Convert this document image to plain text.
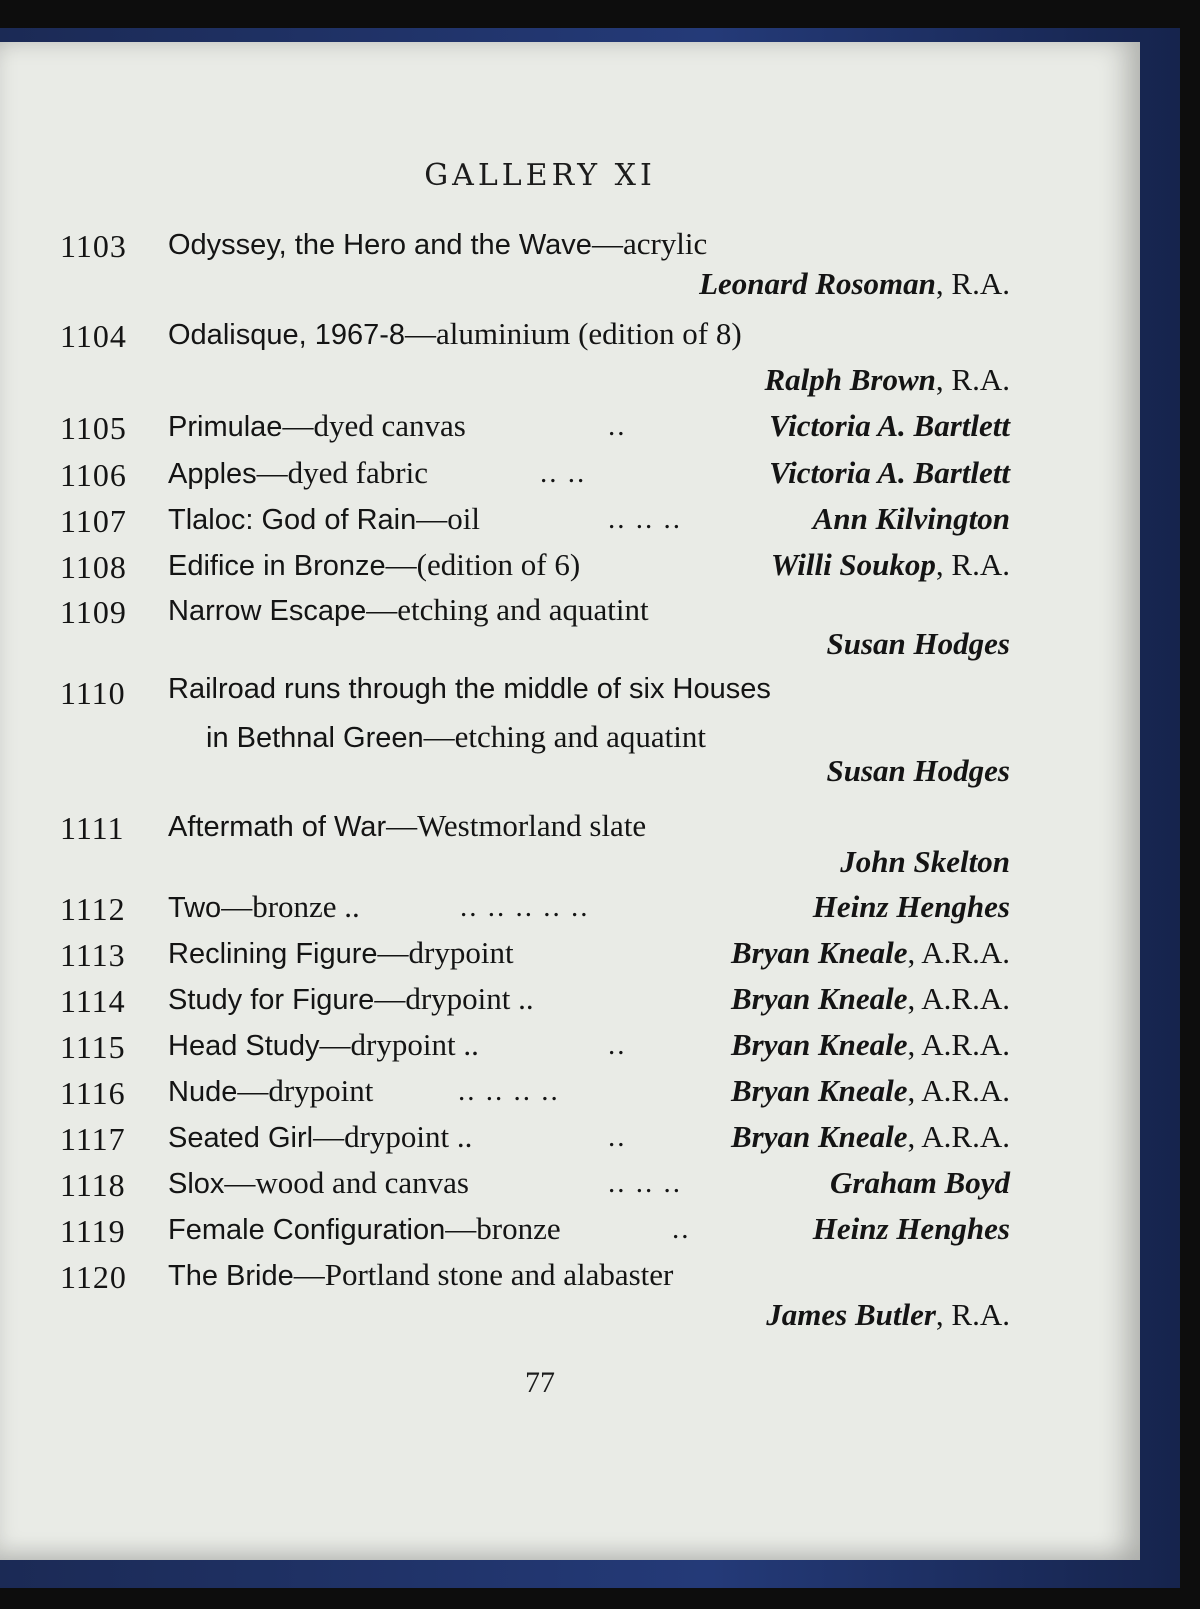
GALLERY XI
1103 Odyssey, the Hero and the Wave—acrylic
Leonard Rosoman, R.A.
1104 Odalisque, 1967-8—aluminium (edition of 8)
Ralph Brown, R.A.
1105 Primulae—dyed canvas	..	Victoria A. Bartlett
1106 Apples—dyed fabric	.. ..	Victoria A. Bartlett
1107 Tlaloc: God of Rain—oil	.. .. ..	Ann Kilvington
1108 Edifice in Bronze—(edition of 6)	Willi Soukop, R.A.
1109 Narrow Escape—etching and aquatint
Susan Hodges
1110 Railroad runs through the middle of six Houses
in Bethnal Green—etching and aquatint
Susan Hodges
1111 Aftermath of War—Westmorland slate
John Skelton
1112 Two—bronze ..	.. .. .. .. ..	Heinz Henghes
1113 Reclining Figure—drypoint	Bryan Kneale, A.R.A.
1114 Study for Figure—drypoint ..	Bryan Kneale, A.R.A.
1115 Head Study—drypoint ..	..	Bryan Kneale, A.R.A.
1116 Nude—drypoint	.. .. .. ..	Bryan Kneale, A.R.A.
1117 Seated Girl—drypoint ..	..	Bryan Kneale, A.R.A.
1118 Slox—wood and canvas	.. .. ..	Graham Boyd
1119 Female Configuration—bronze	..	Heinz Henghes
1120 The Bride—Portland stone and alabaster
James Butler, R.A.
77
